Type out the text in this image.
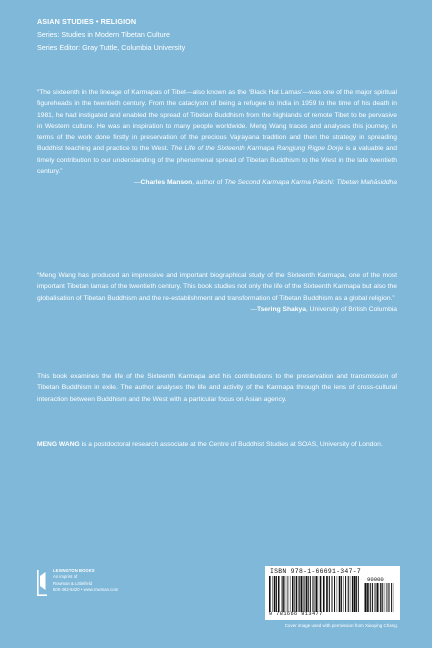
ASIAN STUDIES • RELIGION
Series: Studies in Modern Tibetan Culture
Series Editor: Gray Tuttle, Columbia University
“The sixteenth in the lineage of Karmapas of Tibet—also known as the ‘Black Hat Lamas’—was one of the major spiritual figureheads in the twentieth century. From the cataclysm of being a refugee to India in 1959 to the time of his death in 1981, he had instigated and enabled the spread of Tibetan Buddhism from the highlands of remote Tibet to be pervasive in Western culture. He was an inspiration to many people worldwide. Meng Wang traces and analyses this journey, in terms of the work done firstly in preservation of the precious Vajrayana tradition and then the strategy in spreading Buddhist teaching and practice to the West. The Life of the Sixteenth Karmapa Rangjung Rigpe Dorje is a valuable and timely contribution to our understanding of the phenomenal spread of Tibetan Buddhism to the West in the late twentieth century.”
—Charles Manson, author of The Second Karmapa Karma Pakshi: Tibetan Mahāsiddha
“Meng Wang has produced an impressive and important biographical study of the Sixteenth Karmapa, one of the most important Tibetan lamas of the twentieth century. This book studies not only the life of the Sixteenth Karmapa but also the globalisation of Tibetan Buddhism and the re-establishment and transformation of Tibetan Buddhism as a global religion.”
—Tsering Shakya, University of British Columbia
This book examines the life of the Sixteenth Karmapa and his contributions to the preservation and transmission of Tibetan Buddhism in exile. The author analyses the life and activity of the Karmapa through the lens of cross-cultural interaction between Buddhism and the West with a particular focus on Asian agency.
MENG WANG is a postdoctoral research associate at the Centre of Buddhist Studies at SOAS, University of London.
LEXINGTON BOOKS
An imprint of
Rowman & Littlefield
800-462-6420 • www.rowman.com
ISBN 978-1-66691-347-7
90000
9 781666 913477
Cover image used with permission from Xiaoying Chang.
